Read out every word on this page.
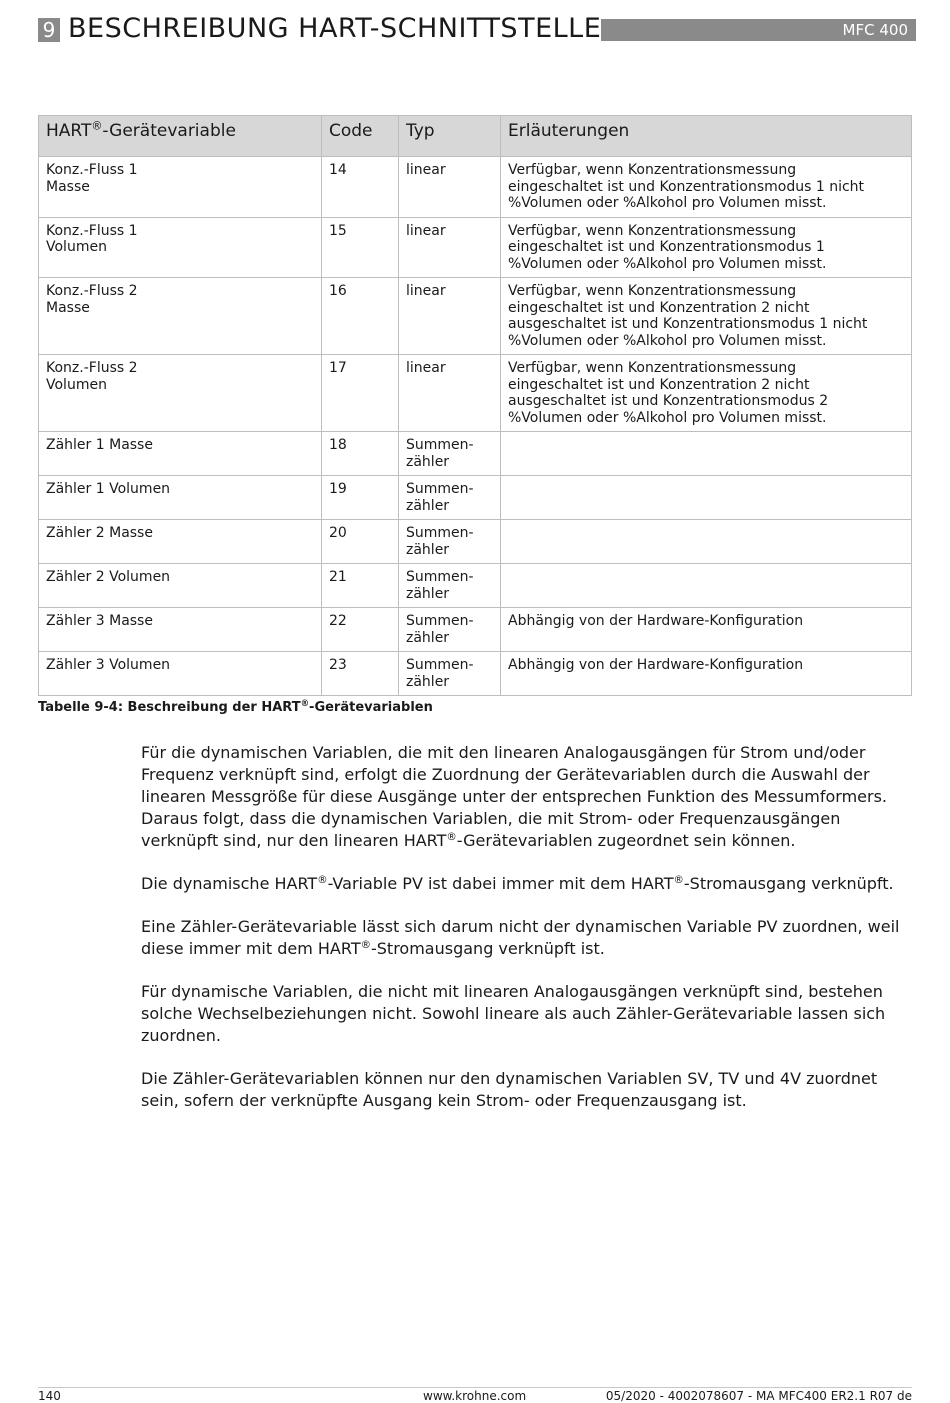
9 BESCHREIBUNG HART-SCHNITTSTELLE	MFC 400
HART®-Gerätevariable	Code	Typ	Erläuterungen
Konz.-Fluss 1
Masse	14	linear	Verfügbar, wenn Konzentrationsmessung
eingeschaltet ist und Konzentrationsmodus 1 nicht
%Volumen oder %Alkohol pro Volumen misst.
Konz.-Fluss 1
Volumen	15	linear	Verfügbar, wenn Konzentrationsmessung
eingeschaltet ist und Konzentrationsmodus 1
%Volumen oder %Alkohol pro Volumen misst.
Konz.-Fluss 2
Masse	16	linear	Verfügbar, wenn Konzentrationsmessung
eingeschaltet ist und Konzentration 2 nicht
ausgeschaltet ist und Konzentrationsmodus 1 nicht
%Volumen oder %Alkohol pro Volumen misst.
Konz.-Fluss 2
Volumen	17	linear	Verfügbar, wenn Konzentrationsmessung
eingeschaltet ist und Konzentration 2 nicht
ausgeschaltet ist und Konzentrationsmodus 2
%Volumen oder %Alkohol pro Volumen misst.
Zähler 1 Masse	18	Summen-
zähler	
Zähler 1 Volumen	19	Summen-
zähler	
Zähler 2 Masse	20	Summen-
zähler	
Zähler 2 Volumen	21	Summen-
zähler	
Zähler 3 Masse	22	Summen-
zähler	Abhängig von der Hardware-Konfiguration
Zähler 3 Volumen	23	Summen-
zähler	Abhängig von der Hardware-Konfiguration
Tabelle 9-4: Beschreibung der HART®-Gerätevariablen

Für die dynamischen Variablen, die mit den linearen Analogausgängen für Strom und/oder Frequenz verknüpft sind, erfolgt die Zuordnung der Gerätevariablen durch die Auswahl der linearen Messgröße für diese Ausgänge unter der entsprechen Funktion des Messumformers. Daraus folgt, dass die dynamischen Variablen, die mit Strom- oder Frequenzausgängen verknüpft sind, nur den linearen HART®-Gerätevariablen zugeordnet sein können.

Die dynamische HART®-Variable PV ist dabei immer mit dem HART®-Stromausgang verknüpft.

Eine Zähler-Gerätevariable lässt sich darum nicht der dynamischen Variable PV zuordnen, weil diese immer mit dem HART®-Stromausgang verknüpft ist.

Für dynamische Variablen, die nicht mit linearen Analogausgängen verknüpft sind, bestehen solche Wechselbeziehungen nicht. Sowohl lineare als auch Zähler-Gerätevariable lassen sich zuordnen.

Die Zähler-Gerätevariablen können nur den dynamischen Variablen SV, TV und 4V zuordnet sein, sofern der verknüpfte Ausgang kein Strom- oder Frequenzausgang ist.

140	www.krohne.com	05/2020 - 4002078607 - MA MFC400 ER2.1 R07 de
